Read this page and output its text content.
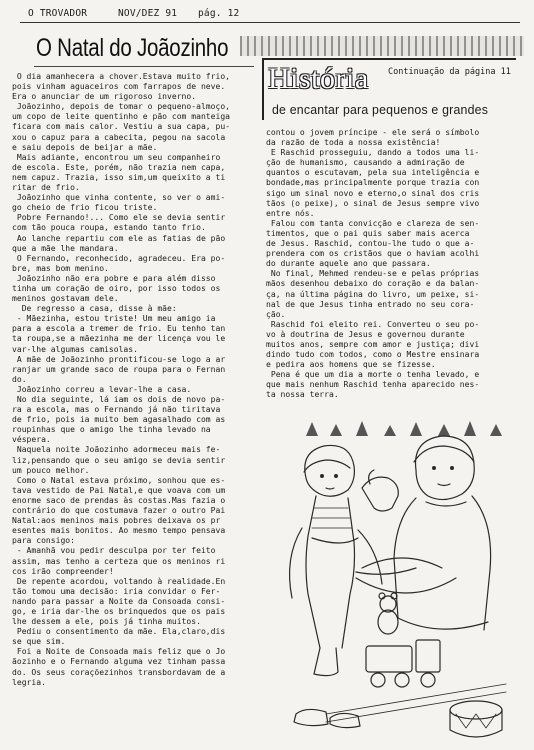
O TROVADOR	NOV/DEZ 91 pág. 12
O Natal do Joãozinho
História Continuação da página 11
de encantar para pequenos e grandes
O dia amanhecera a chover.Estava muito frio,
pois vinham aguaceiros com farrapos de neve.
Era o anunciar de um rigoroso inverno.
Joãozinho, depois de tomar o pequeno-almoço,
um copo de leite quentinho e pão com manteiga
ficara com mais calor. Vestiu a sua capa, pu-
xou o capuz para a cabecita, pegou na sacola
e saiu depois de beijar a mãe.
Mais adiante, encontrou um seu companheiro
de escola. Este, porém, não trazia nem capa,
nem capuz. Trazia, isso sim,um queixito a ti
ritar de frio.
Joãozinho que vinha contente, so ver o ami-
go cheio de frio ficou triste.
Pobre Fernando!... Como ele se devia sentir
com tão pouca roupa, estando tanto frio.
Ao lanche repartiu com ele as fatias de pão
que a mãe lhe mandara.
O Fernando, reconhecido, agradeceu. Era po-
bre, mas bom menino.
Joãozinho não era pobre e para além disso
tinha um coração de oiro, por isso todos os
meninos gostavam dele.
De regresso a casa, disse à mãe:
- Mãezinha, estou triste! Um meu amigo ia
para a escola a tremer de frio. Eu tenho tan
ta roupa,se a mãezinha me der licença vou le
var-lhe algumas camisolas.
A mãe de Joãozinho prontificou-se logo a ar
ranjar um grande saco de roupa para o Fernan
do.
Joãozinho correu a levar-lhe a casa.
No dia seguinte, lá iam os dois de novo pa-
ra a escola, mas o Fernando já não tiritava
de frio, pois ia muito bem agasalhado com as
roupinhas que o amigo lhe tinha levado na
véspera.
Naquela noite Joãozinho adormeceu mais fe-
liz,pensando que o seu amigo se devia sentir
um pouco melhor.
Como o Natal estava próximo, sonhou que es-
tava vestido de Pai Natal,e que voava com um
enorme saco de prendas às costas.Mas fazia o
contrário do que costumava fazer o outro Pai
Natal:aos meninos mais pobres deixava os pr
esentes mais bonitos. Ao mesmo tempo pensava
para consigo:
- Amanhã vou pedir desculpa por ter feito
assim, mas tenho a certeza que os meninos ri
cos irão compreender!
De repente acordou, voltando à realidade.En
tão tomou uma decisão: iria convidar o Fer-
nando para passar a Noite da Consoada consi-
go, e iria dar-lhe os brinquedos que os pais
lhe dessem a ele, pois já tinha muitos.
Pediu o consentimento da mãe. Ela,claro,dis
se que sim.
Foi a Noite de Consoada mais feliz que o Jo
ãozinho e o Fernando alguma vez tinham passa
do. Os seus coraçõezinhos transbordavam de a
legria.
contou o jovem príncipe - ele será o símbolo
da razão de toda a nossa existência!
E Raschid prosseguiu, dando a todos uma li-
ção de humanismo, causando a admiração de
quantos o escutavam, pela sua inteligência e
bondade,mas principalmente porque trazia con
sigo um sinal novo e eterno,o sinal dos cris
tãos (o peixe), o sinal de Jesus sempre vivo
entre nós.
Falou com tanta convicção e clareza de sen-
timentos, que o pai quis saber mais acerca
de Jesus. Raschid, contou-lhe tudo o que a-
prendera com os cristãos que o haviam acolhi
do durante aquele ano que passara.
No final, Mehmed rendeu-se e pelas próprias
mãos desenhou debaixo do coração e da balan-
ça, na última página do livro, um peixe, si-
nal de que Jesus tinha entrado no seu cora-
ção.
Raschid foi eleito rei. Converteu o seu po-
vo à doutrina de Jesus e governou durante
muitos anos, sempre com amor e justiça; divi
dindo tudo com todos, como o Mestre ensinara
e pedira aos homens que se fizesse.
Pena é que um dia a morte o tenha levado, e
que mais nenhum Raschid tenha aparecido nes-
ta nossa terra.
